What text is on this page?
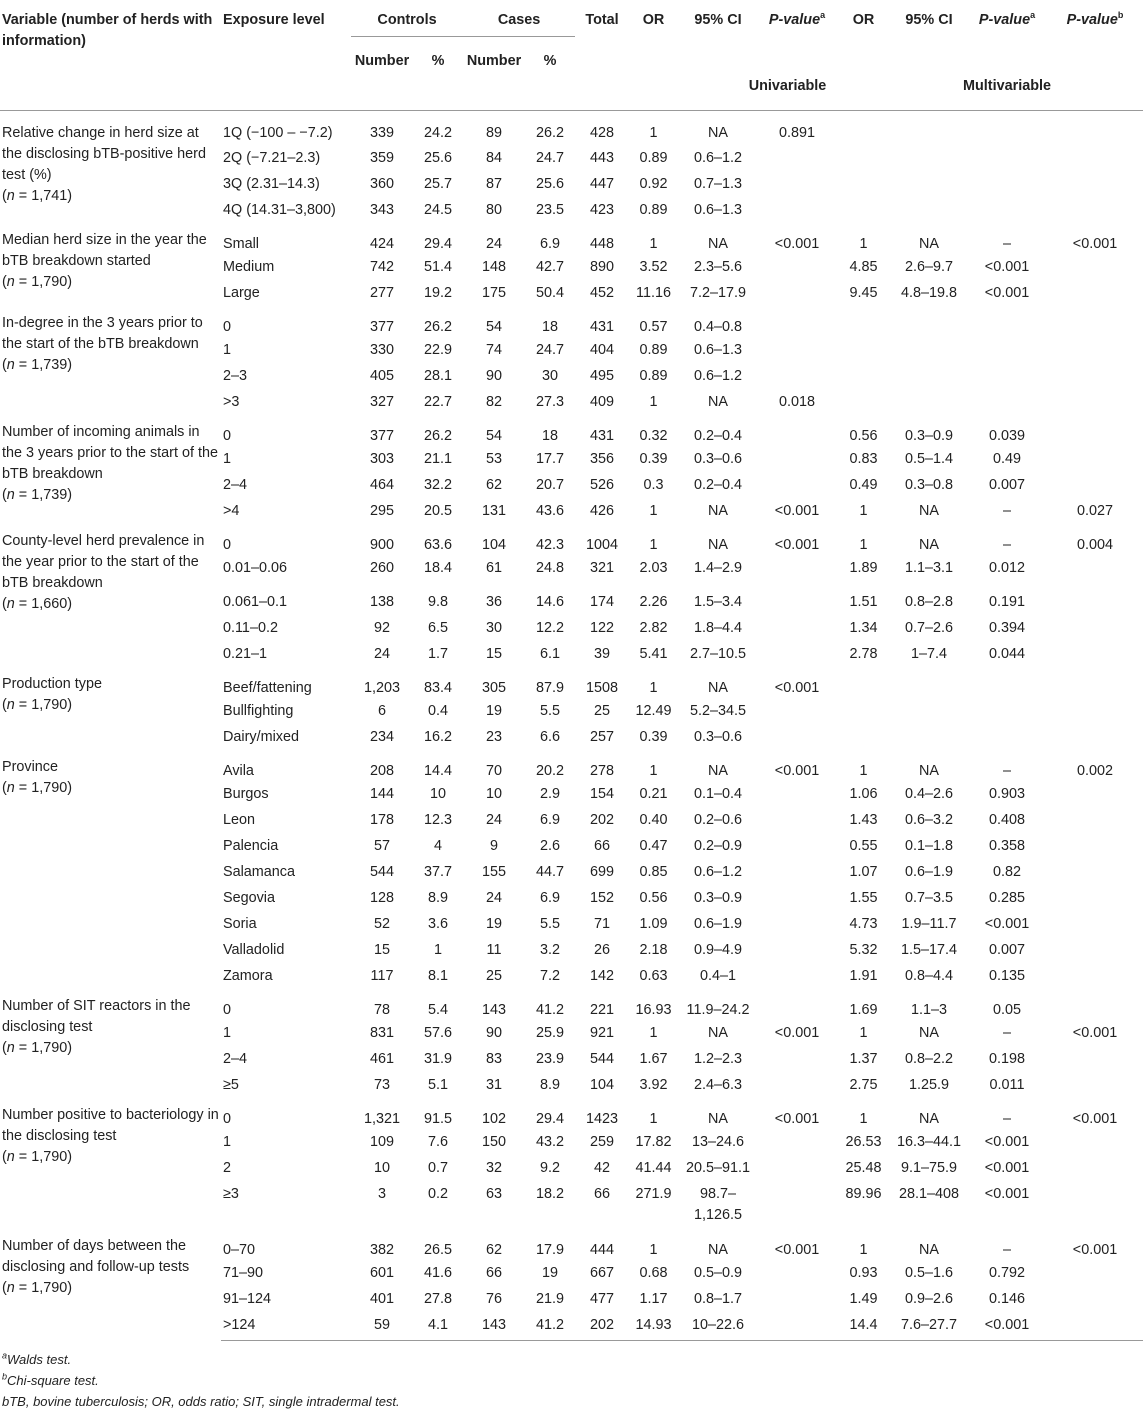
Variable (number of herds with information)	Exposure level	Controls		Cases		Total	OR	95% CI	P-value$^a$	OR	95% CI	P-value$^a$	P-value$^b$
		Number	%	Number	%								
							Univariable				Multivariable		
Relative change in herd size at the disclosing bTB-positive herd test (%)
(n = 1,741)	1Q (−100 – −7.2)	339	24.2	89	26.2	428	1	NA	0.891				
	2Q (−7.21–2.3)	359	25.6	84	24.7	443	0.89	0.6–1.2					
	3Q (2.31–14.3)	360	25.7	87	25.6	447	0.92	0.7–1.3					
	4Q (14.31–3,800)	343	24.5	80	23.5	423	0.89	0.6–1.3					
Median herd size in the year the bTB breakdown started
(n = 1,790)	Small	424	29.4	24	6.9	448	1	NA	<0.001	1	NA	–	<0.001
	Medium	742	51.4	148	42.7	890	3.52	2.3–5.6		4.85	2.6–9.7	<0.001	
	Large	277	19.2	175	50.4	452	11.16	7.2–17.9		9.45	4.8–19.8	<0.001	
In-degree in the 3 years prior to the start of the bTB breakdown
(n = 1,739)	0	377	26.2	54	18	431	0.57	0.4–0.8					
	1	330	22.9	74	24.7	404	0.89	0.6–1.3					
	2–3	405	28.1	90	30	495	0.89	0.6–1.2					
	>3	327	22.7	82	27.3	409	1	NA	0.018				
Number of incoming animals in the 3 years prior to the start of the bTB breakdown
(n = 1,739)	0	377	26.2	54	18	431	0.32	0.2–0.4		0.56	0.3–0.9	0.039	
	1	303	21.1	53	17.7	356	0.39	0.3–0.6		0.83	0.5–1.4	0.49	
	2–4	464	32.2	62	20.7	526	0.3	0.2–0.4		0.49	0.3–0.8	0.007	
	>4	295	20.5	131	43.6	426	1	NA	<0.001	1	NA	–	0.027
County-level herd prevalence in the year prior to the start of the bTB breakdown
(n = 1,660)	0	900	63.6	104	42.3	1004	1	NA	<0.001	1	NA	–	0.004
	0.01–0.06	260	18.4	61	24.8	321	2.03	1.4–2.9		1.89	1.1–3.1	0.012	
	0.061–0.1	138	9.8	36	14.6	174	2.26	1.5–3.4		1.51	0.8–2.8	0.191	
	0.11–0.2	92	6.5	30	12.2	122	2.82	1.8–4.4		1.34	0.7–2.6	0.394	
	0.21–1	24	1.7	15	6.1	39	5.41	2.7–10.5		2.78	1–7.4	0.044	
Production type
(n = 1,790)	Beef/fattening	1,203	83.4	305	87.9	1508	1	NA	<0.001				
	Bullfighting	6	0.4	19	5.5	25	12.49	5.2–34.5					
	Dairy/mixed	234	16.2	23	6.6	257	0.39	0.3–0.6					
Province
(n = 1,790)	Avila	208	14.4	70	20.2	278	1	NA	<0.001	1	NA	–	0.002
	Burgos	144	10	10	2.9	154	0.21	0.1–0.4		1.06	0.4–2.6	0.903	
	Leon	178	12.3	24	6.9	202	0.40	0.2–0.6		1.43	0.6–3.2	0.408	
	Palencia	57	4	9	2.6	66	0.47	0.2–0.9		0.55	0.1–1.8	0.358	
	Salamanca	544	37.7	155	44.7	699	0.85	0.6–1.2		1.07	0.6–1.9	0.82	
	Segovia	128	8.9	24	6.9	152	0.56	0.3–0.9		1.55	0.7–3.5	0.285	
	Soria	52	3.6	19	5.5	71	1.09	0.6–1.9		4.73	1.9–11.7	<0.001	
	Valladolid	15	1	11	3.2	26	2.18	0.9–4.9		5.32	1.5–17.4	0.007	
	Zamora	117	8.1	25	7.2	142	0.63	0.4–1		1.91	0.8–4.4	0.135	
Number of SIT reactors in the disclosing test
(n = 1,790)	0	78	5.4	143	41.2	221	16.93	11.9–24.2		1.69	1.1–3	0.05	
	1	831	57.6	90	25.9	921	1	NA	<0.001	1	NA	–	<0.001
	2–4	461	31.9	83	23.9	544	1.67	1.2–2.3		1.37	0.8–2.2	0.198	
	≥5	73	5.1	31	8.9	104	3.92	2.4–6.3		2.75	1.25.9	0.011	
Number positive to bacteriology in the disclosing test
(n = 1,790)	0	1,321	91.5	102	29.4	1423	1	NA	<0.001	1	NA	–	<0.001
	1	109	7.6	150	43.2	259	17.82	13–24.6		26.53	16.3–44.1	<0.001	
	2	10	0.7	32	9.2	42	41.44	20.5–91.1		25.48	9.1–75.9	<0.001	
	≥3	3	0.2	63	18.2	66	271.9	98.7– 1,126.5		89.96	28.1–408	<0.001	
Number of days between the disclosing and follow-up tests
(n = 1,790)	0–70	382	26.5	62	17.9	444	1	NA	<0.001	1	NA	–	<0.001
	71–90	601	41.6	66	19	667	0.68	0.5–0.9		0.93	0.5–1.6	0.792	
	91–124	401	27.8	76	21.9	477	1.17	0.8–1.7		1.49	0.9–2.6	0.146	
	>124	59	4.1	143	41.2	202	14.93	10–22.6		14.4	7.6–27.7	<0.001	
$^a$Walds test.
$^b$Chi-square test.
bTB, bovine tuberculosis; OR, odds ratio; SIT, single intradermal test.
